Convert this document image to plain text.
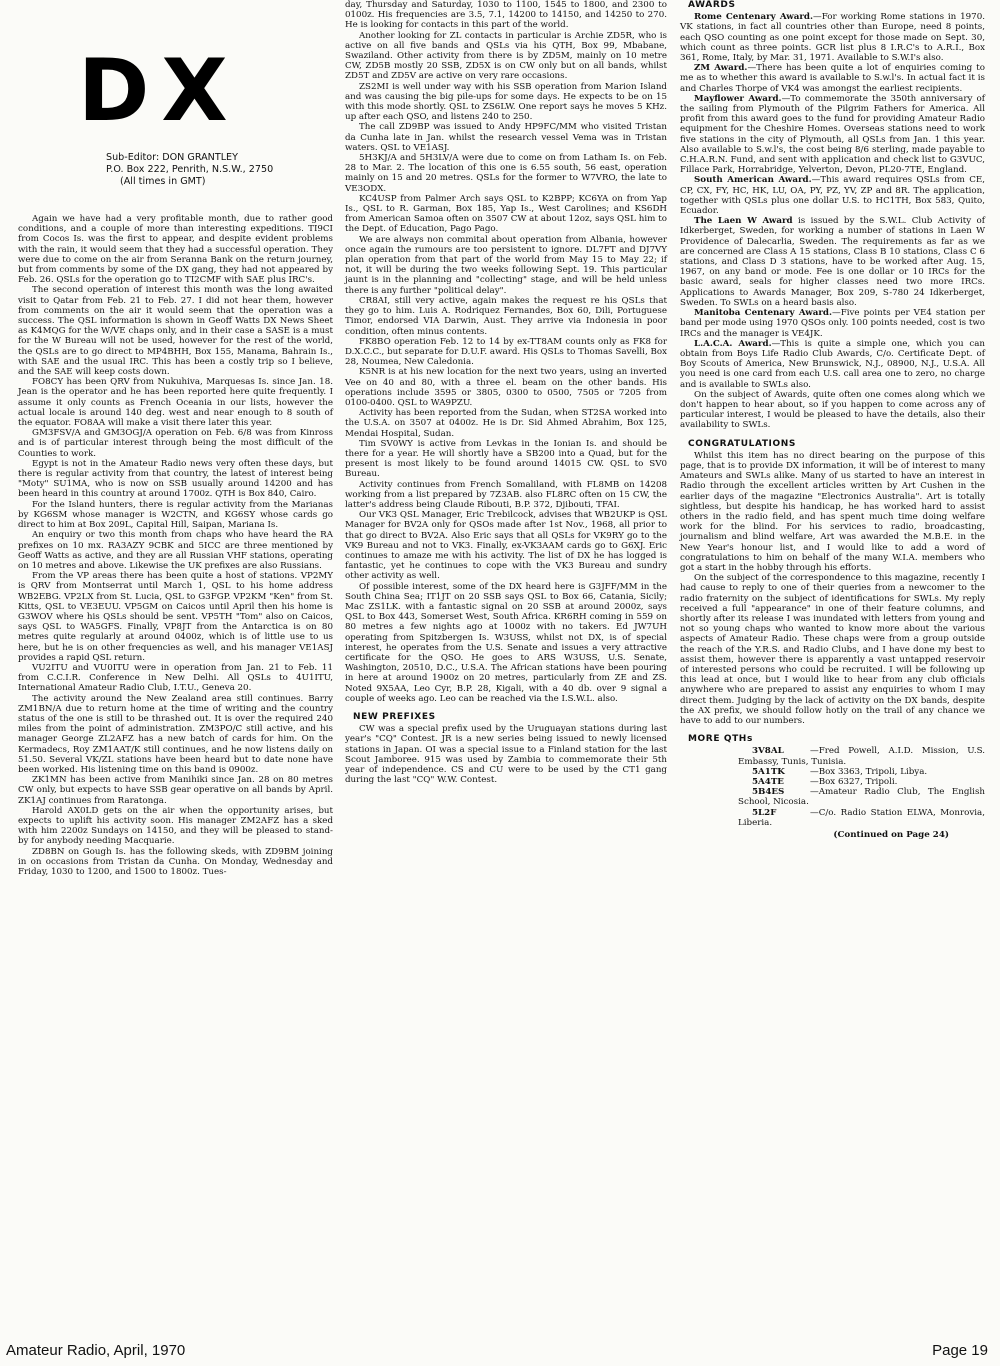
DX
Sub-Editor: DON GRANTLEY
P.O. Box 222, Penrith, N.S.W., 2750
(All times in GMT)

Again we have had a very profitable month, due to rather good conditions, and a couple of more than interesting expeditions. TI9CI from Cocos Is. was the first to appear, and despite evident problems with the rain, it would seem that they had a successful operation. They were due to come on the air from Seranna Bank on the return journey, but from comments by some of the DX gang, they had not appeared by Feb. 26. QSLs for the operation go to TI2CMF with SAE plus IRC's.

The second operation of interest this month was the long awaited visit to Qatar from Feb. 21 to Feb. 27. I did not hear them, however from comments on the air it would seem that the operation was a success. The QSL information is shown in Geoff Watts DX News Sheet as K4MQG for the W/VE chaps only, and in their case a SASE is a must for the W Bureau will not be used, however for the rest of the world, the QSLs are to go direct to MP4BHH, Box 155, Manama, Bahrain Is., with SAE and the usual IRC. This has been a costly trip so I believe, and the SAE will keep costs down.

FO8CY has been QRV from Nukuhiva, Marquesas Is. since Jan. 18. Jean is the operator and he has been reported here quite frequently. I assume it only counts as French Oceania in our lists, however the actual locale is around 140 deg. west and near enough to 8 south of the equator. FO8AA will make a visit there later this year.

GM3FSV/A and GM3OGJ/A operation on Feb. 6/8 was from Kinross and is of particular interest through being the most difficult of the Counties to work.

Egypt is not in the Amateur Radio news very often these days, but there is regular activity from that country, the latest of interest being "Moty" SU1MA, who is now on SSB usually around 14200 and has been heard in this country at around 1700z. QTH is Box 840, Cairo.

For the Island hunters, there is regular activity from the Marianas by KG6SM whose manager is W2CTN, and KG6SY whose cards go direct to him at Box 209L, Capital Hill, Saipan, Mariana Is.

An enquiry or two this month from chaps who have heard the RA prefixes on 10 mx. RA3AZY 9CBK and 5ICC are three mentioned by Geoff Watts as active, and they are all Russian VHF stations, operating on 10 metres and above. Likewise the UK prefixes are also Russians.

From the VP areas there has been quite a host of stations. VP2MY is QRV from Montserrat until March 1, QSL to his home address WB2EBG. VP2LX from St. Lucia, QSL to G3FGP. VP2KM "Ken" from St. Kitts, QSL to VE3EUU. VP5GM on Caicos until April then his home is G3WOV where his QSLs should be sent. VP5TH "Tom" also on Caicos, says QSL to WA5GFS. Finally, VP8JT from the Antarctica is on 80 metres quite regularly at around 0400z, which is of little use to us here, but he is on other frequencies as well, and his manager VE1ASJ provides a rapid QSL return.

VU2ITU and VU0ITU were in operation from Jan. 21 to Feb. 11 from C.C.I.R. Conference in New Delhi. All QSLs to 4U1ITU, International Amateur Radio Club, I.T.U., Geneva 20.

The activity around the New Zealand area still continues. Barry ZM1BN/A due to return home at the time of writing and the country status of the one is still to be thrashed out. It is over the required 240 miles from the point of administration. ZM3PO/C still active, and his manager George ZL2AFZ has a new batch of cards for him. On the Kermadecs, Roy ZM1AAT/K still continues, and he now listens daily on 51.50. Several VK/ZL stations have been heard but to date none have been worked. His listening time on this band is 0900z.

ZK1MN has been active from Manihiki since Jan. 28 on 80 metres CW only, but expects to have SSB gear operative on all bands by April. ZK1AJ continues from Raratonga.

Harold AX0LD gets on the air when the opportunity arises, but expects to uplift his activity soon. His manager ZM2AFZ has a sked with him 2200z Sundays on 14150, and they will be pleased to stand-by for anybody needing Macquarie.

ZD8BN on Gough Is. has the following skeds, with ZD9BM joining in on occasions from Tristan da Cunha. On Monday, Wednesday and Friday, 1030 to 1200, and 1500 to 1800z. Tues-

day, Thursday and Saturday, 1030 to 1100, 1545 to 1800, and 2300 to 0100z. His frequencies are 3.5, 7.1, 14200 to 14150, and 14250 to 270. He is looking for contacts in this part of the world.

Another looking for ZL contacts in particular is Archie ZD5R, who is active on all five bands and QSLs via his QTH, Box 99, Mbabane, Swaziland. Other activity from there is by ZD5M, mainly on 10 metre CW, ZD5B mostly 20 SSB, ZD5X is on CW only but on all bands, whilst ZD5T and ZD5V are active on very rare occasions.

ZS2MI is well under way with his SSB operation from Marion Island and was causing the big pile-ups for some days. He expects to be on 15 with this mode shortly. QSL to ZS6LW. One report says he moves 5 KHz. up after each QSO, and listens 240 to 250.

The call ZD9BP was issued to Andy HP9FC/MM who visited Tristan da Cunha late in Jan. whilst the research vessel Vema was in Tristan waters. QSL to VE1ASJ.

5H3KJ/A and 5H3LV/A were due to come on from Latham Is. on Feb. 28 to Mar. 2. The location of this one is 6.55 south, 56 east, operation mainly on 15 and 20 metres. QSLs for the former to W7VRO, the late to VE3ODX.

KC4USP from Palmer Arch says QSL to K2BPP; KC6YA on from Yap Is., QSL to R. Garman, Box 185, Yap Is., West Carolines; and KS6DH from American Samoa often on 3507 CW at about 12oz, says QSL him to the Dept. of Education, Pago Pago.

We are always non commital about operation from Albania, however once again the rumours are too persistent to ignore. DL7FT and DJ7VY plan operation from that part of the world from May 15 to May 22; if not, it will be during the two weeks following Sept. 19. This particular jaunt is in the planning and "collecting" stage, and will be held unless there is any further "political delay".

CR8AI, still very active, again makes the request re his QSLs that they go to him. Luis A. Rodriquez Fernandes, Box 60, Dili, Portuguese Timor, endorsed VIA Darwin, Aust. They arrive via Indonesia in poor condition, often minus contents.

FK8BO operation Feb. 12 to 14 by ex-TT8AM counts only as FK8 for D.X.C.C., but separate for D.U.F. award. His QSLs to Thomas Savelli, Box 28, Noumea, New Caledonia.

K5NR is at his new location for the next two years, using an inverted Vee on 40 and 80, with a three el. beam on the other bands. His operations include 3595 or 3805, 0300 to 0500, 7505 or 7205 from 0100-0400. QSL to WA9PZU.

Activity has been reported from the Sudan, when ST2SA worked into the U.S.A. on 3507 at 0400z. He is Dr. Sid Ahmed Abrahim, Box 125, Mendai Hospital, Sudan.

Tim SV0WY is active from Levkas in the Ionian Is. and should be there for a year. He will shortly have a SB200 into a Quad, but for the present is most likely to be found around 14015 CW. QSL to SV0 Bureau.

Activity continues from French Somaliland, with FL8MB on 14208 working from a list prepared by 7Z3AB. also FL8RC often on 15 CW, the latter's address being Claude Ribouti, B.P. 372, Djibouti, TFAI.

Our VK3 QSL Manager, Eric Trebilcock, advises that WB2UKP is QSL Manager for BV2A only for QSOs made after 1st Nov., 1968, all prior to that go direct to BV2A. Also Eric says that all QSLs for VK9RY go to the VK9 Bureau and not to VK3. Finally, ex-VK3AAM cards go to G6XJ. Eric continues to amaze me with his activity. The list of DX he has logged is fantastic, yet he continues to cope with the VK3 Bureau and sundry other activity as well.

Of possible interest, some of the DX heard here is G3JFF/MM in the South China Sea; IT1JT on 20 SSB says QSL to Box 66, Catania, Sicily; Mac ZS1LK. with a fantastic signal on 20 SSB at around 2000z, says QSL to Box 443, Somerset West, South Africa. KR6RH coming in 559 on 80 metres a few nights ago at 1000z with no takers. Ed JW7UH operating from Spitzbergen Is. W3USS, whilst not DX, is of special interest, he operates from the U.S. Senate and issues a very attractive certificate for the QSO. He goes to ARS W3USS, U.S. Senate, Washington, 20510, D.C., U.S.A. The African stations have been pouring in here at around 1900z on 20 metres, particularly from ZE and ZS. Noted 9X5AA, Leo Cyr, B.P. 28, Kigali, with a 40 db. over 9 signal a couple of weeks ago. Leo can be reached via the I.S.W.L. also.

NEW PREFIXES

CW was a special prefix used by the Uruguayan stations during last year's "CQ" Contest. JR is a new series being issued to newly licensed stations in Japan. OI was a special issue to a Finland station for the last Scout Jamboree. 915 was used by Zambia to commemorate their 5th year of independence. CS and CU were to be used by the CT1 gang during the last "CQ" W.W. Contest.

AWARDS

Rome Centenary Award.—For working Rome stations in 1970. VK stations, in fact all countries other than Europe, need 8 points, each QSO counting as one point except for those made on Sept. 30, which count as three points. GCR list plus 8 I.R.C's to A.R.I., Box 361, Rome, Italy, by Mar. 31, 1971. Available to S.W.I's also.

ZM Award.—There has been quite a lot of enquiries coming to me as to whether this award is available to S.w.l's. In actual fact it is and Charles Thorpe of VK4 was amongst the earliest recipients.

Mayflower Award.—To commemorate the 350th anniversary of the sailing from Plymouth of the Pilgrim Fathers for America. All profit from this award goes to the fund for providing Amateur Radio equipment for the Cheshire Homes. Overseas stations need to work five stations in the city of Plymouth, all QSLs from Jan. 1 this year. Also available to S.w.l's, the cost being 8/6 sterling, made payable to C.H.A.R.N. Fund, and sent with application and check list to G3VUC, Fillace Park, Horrabridge, Yelverton, Devon, PL20-7TE, England.

South American Award.—This award requires QSLs from CE, CP, CX, FY, HC, HK, LU, OA, PY, PZ, YV, ZP and 8R. The application, together with QSLs plus one dollar U.S. to HC1TH, Box 583, Quito, Ecuador.

The Laen W Award is issued by the S.W.L. Club Activity of Idkerberget, Sweden, for working a number of stations in Laen W Providence of Dalecarlia, Sweden. The requirements as far as we are concerned are Class A 15 stations, Class B 10 stations, Class C 6 stations, and Class D 3 stations, have to be worked after Aug. 15, 1967, on any band or mode. Fee is one dollar or 10 IRCs for the basic award, seals for higher classes need two more IRCs. Applications to Awards Manager, Box 209, S-780 24 Idkerberget, Sweden. To SWLs on a heard basis also.

Manitoba Centenary Award.—Five points per VE4 station per band per mode using 1970 QSOs only. 100 points needed, cost is two IRCs and the manager is VE4JK.

L.A.C.A. Award.—This is quite a simple one, which you can obtain from Boys Life Radio Club Awards, C/o. Certificate Dept. of Boy Scouts of America, New Brunswick, N.J., 08900, N.J., U.S.A. All you need is one card from each U.S. call area one to zero, no charge and is available to SWLs also.

On the subject of Awards, quite often one comes along which we don't happen to hear about, so if you happen to come across any of particular interest, I would be pleased to have the details, also their availability to SWLs.

CONGRATULATIONS

Whilst this item has no direct bearing on the purpose of this page, that is to provide DX information, it will be of interest to many Amateurs and SWLs alike. Many of us started to have an interest in Radio through the excellent articles written by Art Cushen in the earlier days of the magazine "Electronics Australia". Art is totally sightless, but despite his handicap, he has worked hard to assist others in the radio field, and has spent much time doing welfare work for the blind. For his services to radio, broadcasting, journalism and blind welfare, Art was awarded the M.B.E. in the New Year's honour list, and I would like to add a word of congratulations to him on behalf of the many W.I.A. members who got a start in the hobby through his efforts.

On the subject of the correspondence to this magazine, recently I had cause to reply to one of their queries from a newcomer to the radio fraternity on the subject of identifications for SWLs. My reply received a full "appearance" in one of their feature columns, and shortly after its release I was inundated with letters from young and not so young chaps who wanted to know more about the various aspects of Amateur Radio. These chaps were from a group outside the reach of the Y.R.S. and Radio Clubs, and I have done my best to assist them, however there is apparently a vast untapped reservoir of interested persons who could be recruited. I will be following up this lead at once, but I would like to hear from any club officials anywhere who are prepared to assist any enquiries to whom I may direct them. Judging by the lack of activity on the DX bands, despite the AX prefix, we should follow hotly on the trail of any chance we have to add to our numbers.

MORE QTHs

3V8AL	—Fred Powell, A.I.D. Mission, U.S. Embassy, Tunis, Tunisia.

5A1TK	—Box 3363, Tripoli, Libya.

5A4TE	—Box 6327, Tripoli.

5B4ES	—Amateur Radio Club, The English School, Nicosia.

5L2F	—C/o. Radio Station ELWA, Monrovia, Liberia.

(Continued on Page 24)
Amateur Radio, April, 1970	Page 19
